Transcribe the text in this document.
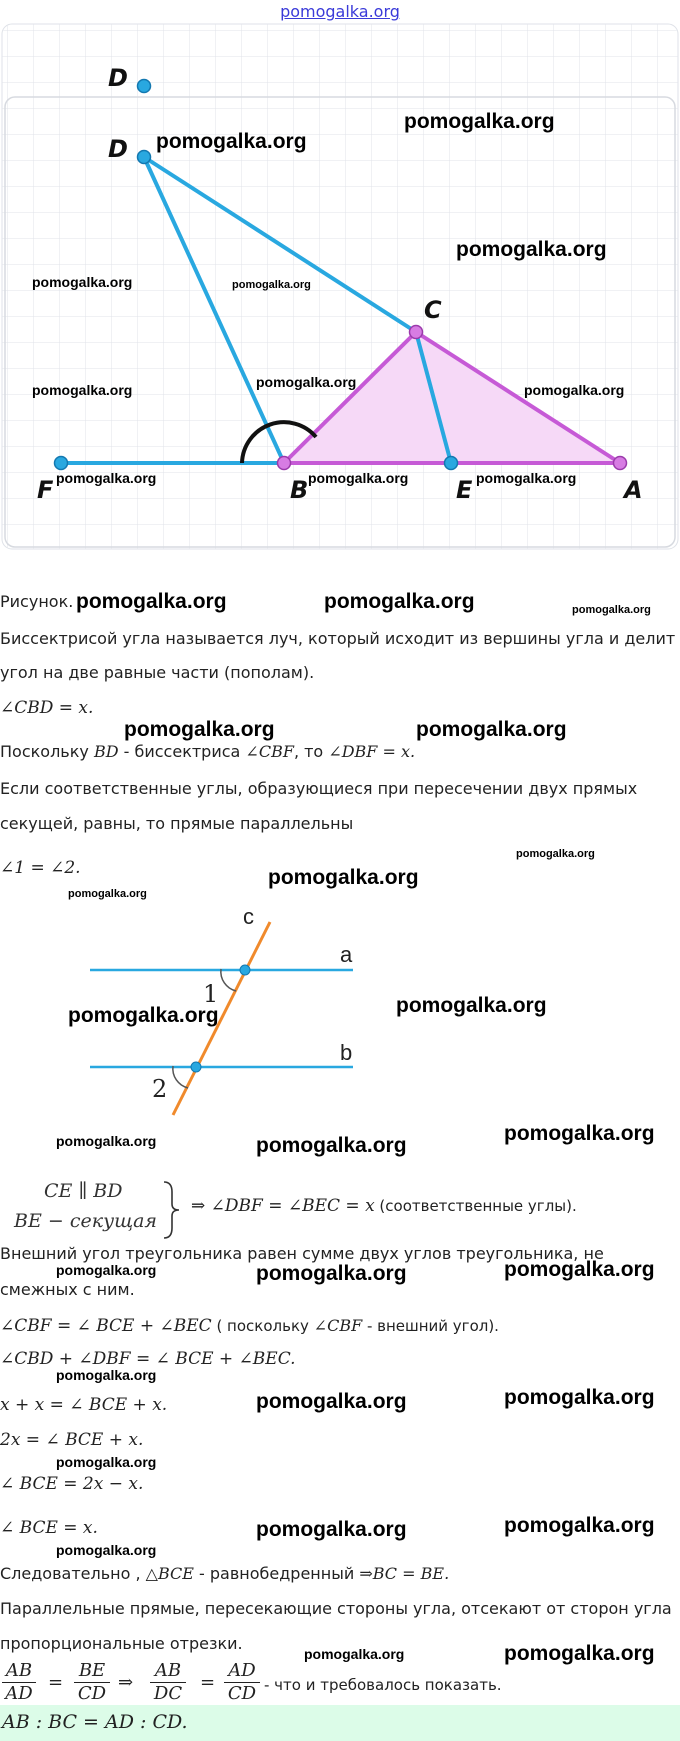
pomogalka.org
D
D
C
F	B	E	A
pomogalka.org
pomogalka.org
pomogalka.org
pomogalka.org	pomogalka.org
pomogalka.org
pomogalka.org	pomogalka.org
pomogalka.org	pomogalka.org	pomogalka.org
Рисунок. pomogalka.org	pomogalka.org	pomogalka.org
Биссектрисой угла называется луч, который исходит из вершины угла и делит
угол на две равные части (пополам).
∠CBD = x.
pomogalka.org	pomogalka.org
Поскольку BD - биссектриса ∠CBF, то ∠DBF = x.
Если соответственные углы, образующиеся при пересечении двух прямых
секущей, равны, то прямые параллельны
∠1 = ∠2.
pomogalka.org
pomogalka.org
pomogalka.org
c
a
b
1
2
pomogalka.org	pomogalka.org
pomogalka.org	pomogalka.org
pomogalka.org
CE ∥ BD
BE − секущая
⇒ ∠DBF = ∠BEC = x (соответственные углы).
Внешний угол треугольника равен сумме двух углов треугольника, не
смежных с ним.
pomogalka.org	pomogalka.org	pomogalka.org
∠CBF = ∠ BCE + ∠BEC ( поскольку ∠CBF - внешний угол).
∠CBD + ∠DBF = ∠ BCE + ∠BEC.
pomogalka.org
x + x = ∠ BCE + x.	pomogalka.org	pomogalka.org
2x = ∠ BCE + x.
pomogalka.org
∠ BCE = 2x − x.
∠ BCE = x.	pomogalka.org	pomogalka.org
pomogalka.org
Следовательно , △BCE - равнобедренный ⇒BC = BE.
Параллельные прямые, пересекающие стороны угла, отсекают от сторон угла
пропорциональные отрезки.
pomogalka.org	pomogalka.org
$\frac{AB}{AD} = \frac{BE}{CD}$ ⇒ $\frac{AB}{DC} = \frac{AD}{CD}$ - что и требовалось показать.
AB : BC = AD : CD.
